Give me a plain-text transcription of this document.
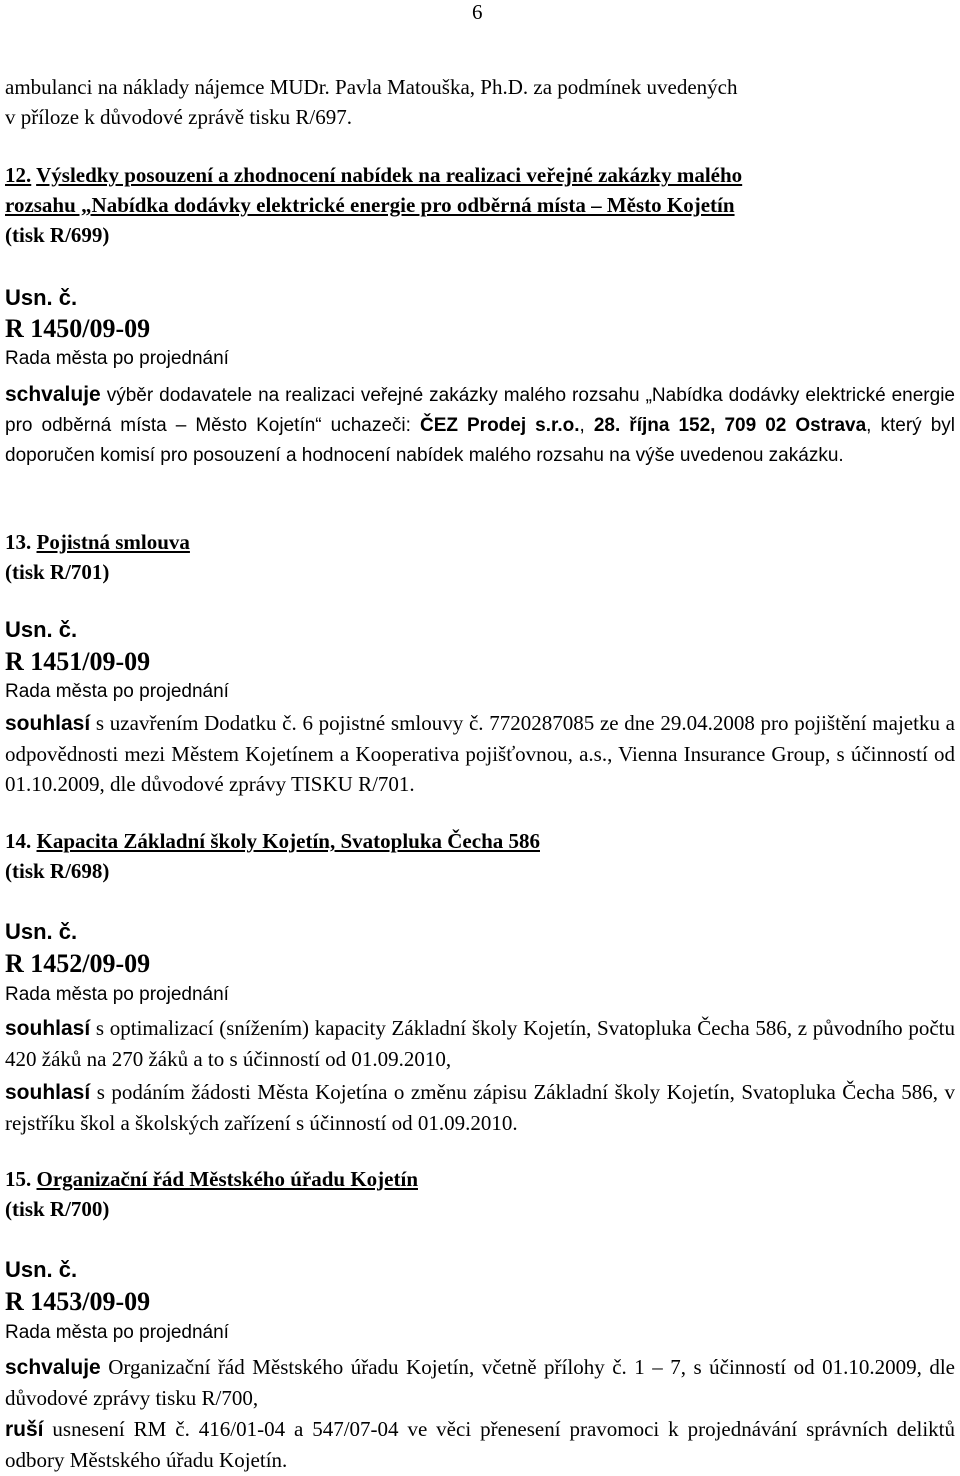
6
ambulanci na náklady nájemce MUDr. Pavla Matouška, Ph.D. za podmínek uvedených
v příloze k důvodové zprávě tisku R/697.
12. Výsledky posouzení a zhodnocení nabídek na realizaci veřejné zakázky malého
rozsahu „Nabídka dodávky elektrické energie pro odběrná místa – Město Kojetín
(tisk R/699)
Usn. č.
R 1450/09-09
Rada města po projednání

schvaluje výběr dodavatele na realizaci veřejné zakázky malého rozsahu „Nabídka dodávky elektrické energie pro odběrná místa – Město Kojetín“ uchazeči: ČEZ Prodej s.r.o., 28. října 152, 709 02 Ostrava, který byl doporučen komisí pro posouzení a hodnocení nabídek malého rozsahu na výše uvedenou zakázku.

13. Pojistná smlouva
(tisk R/701)
Usn. č.
R 1451/09-09
Rada města po projednání

souhlasí s uzavřením Dodatku č. 6 pojistné smlouvy č. 7720287085 ze dne 29.04.2008 pro pojištění majetku a odpovědnosti mezi Městem Kojetínem a Kooperativa pojišťovnou, a.s., Vienna Insurance Group, s účinností od 01.10.2009, dle důvodové zprávy TISKU R/701.

14. Kapacita Základní školy Kojetín, Svatopluka Čecha 586
(tisk R/698)
Usn. č.
R 1452/09-09
Rada města po projednání

souhlasí s optimalizací (snížením) kapacity Základní školy Kojetín, Svatopluka Čecha 586, z původního počtu 420 žáků na 270 žáků a to s účinností od 01.09.2010,

souhlasí s podáním žádosti Města Kojetína o změnu zápisu Základní školy Kojetín, Svatopluka Čecha 586, v rejstříku škol a školských zařízení s účinností od 01.09.2010.

15. Organizační řád Městského úřadu Kojetín
(tisk R/700)
Usn. č.
R 1453/09-09
Rada města po projednání

schvaluje Organizační řád Městského úřadu Kojetín, včetně přílohy č. 1 – 7, s účinností od 01.10.2009, dle důvodové zprávy tisku R/700,

ruší usnesení RM č. 416/01-04 a 547/07-04 ve věci přenesení pravomoci k projednávání správních deliktů odbory Městského úřadu Kojetín.
